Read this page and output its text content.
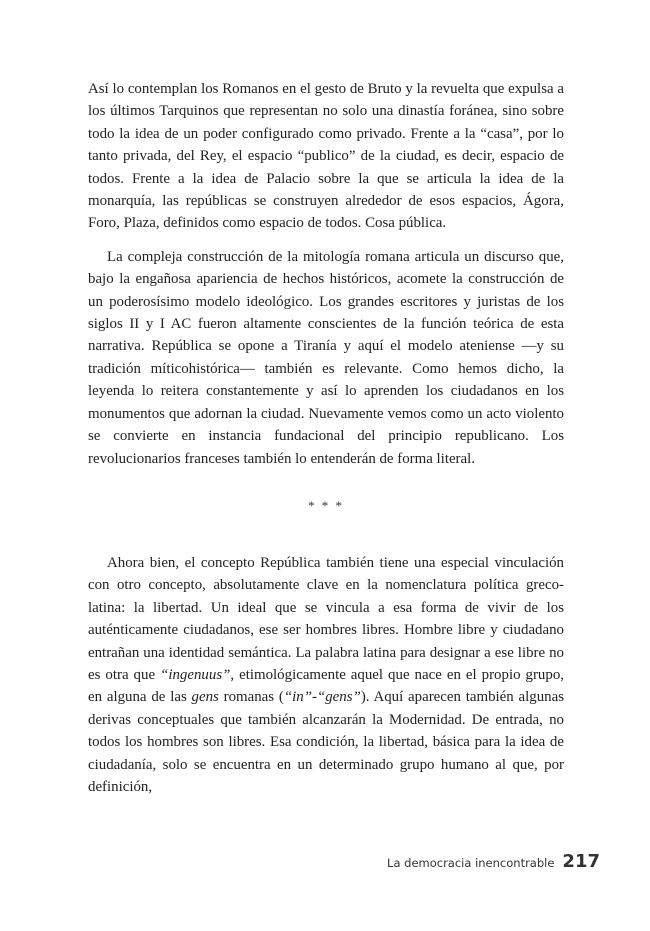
Así lo contemplan los Romanos en el gesto de Bruto y la revuelta que expulsa a los últimos Tarquinos que representan no solo una dinastía foránea, sino sobre todo la idea de un poder configurado como privado. Frente a la “casa”, por lo tanto privada, del Rey, el espacio “publico” de la ciudad, es decir, espacio de todos. Frente a la idea de Palacio sobre la que se articula la idea de la monarquía, las repúblicas se construyen alrededor de esos espacios, Ágora, Foro, Plaza, definidos como espacio de todos. Cosa pública.

La compleja construcción de la mitología romana articula un discurso que, bajo la engañosa apariencia de hechos históricos, acomete la construcción de un poderosísimo modelo ideológico. Los grandes escritores y juristas de los siglos II y I AC fueron altamente conscientes de la función teórica de esta narrativa. República se opone a Tiranía y aquí el modelo ateniense —y su tradición míticohistórica— también es relevante. Como hemos dicho, la leyenda lo reitera constantemente y así lo aprenden los ciudadanos en los monumentos que adornan la ciudad. Nuevamente vemos como un acto violento se convierte en instancia fundacional del principio republicano. Los revolucionarios franceses también lo entenderán de forma literal.

* * *

Ahora bien, el concepto República también tiene una especial vinculación con otro concepto, absolutamente clave en la nomenclatura política greco-latina: la libertad. Un ideal que se vincula a esa forma de vivir de los auténticamente ciudadanos, ese ser hombres libres. Hombre libre y ciudadano entrañan una identidad semántica. La palabra latina para designar a ese libre no es otra que “ingenuus”, etimológicamente aquel que nace en el propio grupo, en alguna de las gens romanas (“in”-“gens”). Aquí aparecen también algunas derivas conceptuales que también alcanzarán la Modernidad. De entrada, no todos los hombres son libres. Esa condición, la libertad, básica para la idea de ciudadanía, solo se encuentra en un determinado grupo humano al que, por definición,

La democracia inencontrable 217
